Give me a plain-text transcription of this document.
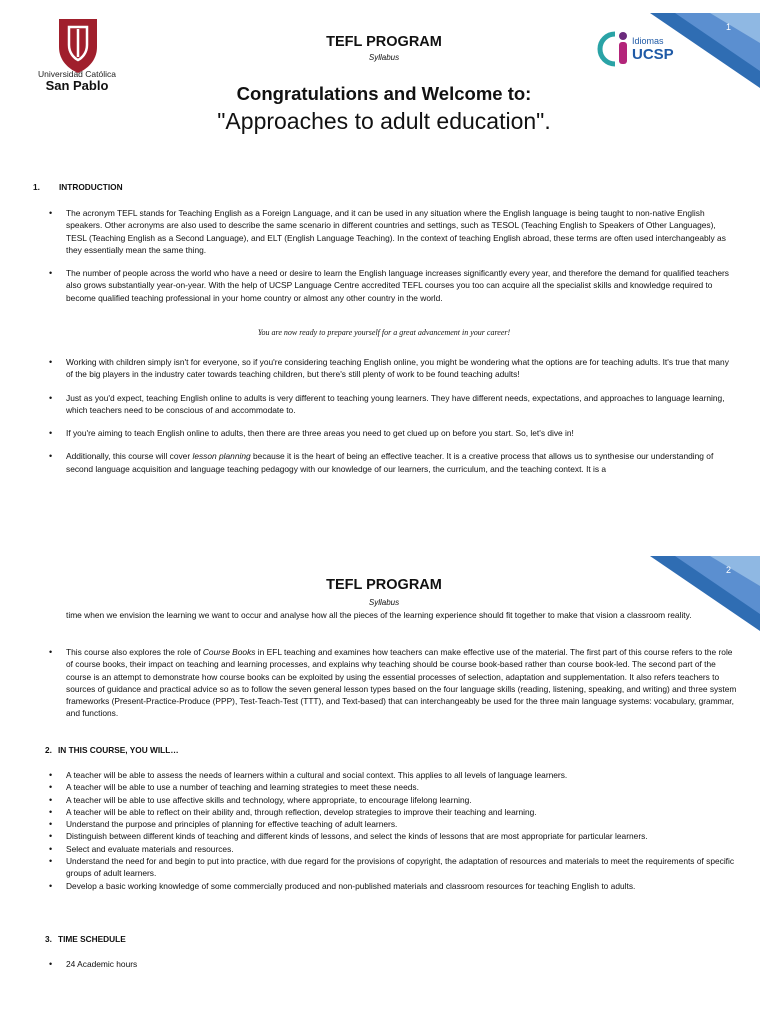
Universidad Católica
San Pablo
TEFL PROGRAM
Syllabus
1
Idiomas
UCSP
Congratulations and Welcome to:
"Approaches to adult education".
1. INTRODUCTION
• The acronym TEFL stands for Teaching English as a Foreign Language, and it can be used in any situation where the English language is being taught to non-native English speakers. Other acronyms are also used to describe the same scenario in different countries and settings, such as TESOL (Teaching English to Speakers of Other Languages), TESL (Teaching English as a Second Language), and ELT (English Language Teaching). In the context of teaching English abroad, these terms are often used interchangeably as they essentially mean the same thing.
• The number of people across the world who have a need or desire to learn the English language increases significantly every year, and therefore the demand for qualified teachers also grows substantially year-on-year. With the help of UCSP Language Centre accredited TEFL courses you too can acquire all the specialist skills and knowledge required to become qualified teaching professional in your home country or almost any other country in the world.
You are now ready to prepare yourself for a great advancement in your career!
• Working with children simply isn't for everyone, so if you're considering teaching English online, you might be wondering what the options are for teaching adults. It's true that many of the big players in the industry cater towards teaching children, but there's still plenty of work to be found teaching adults!
• Just as you'd expect, teaching English online to adults is very different to teaching young learners. They have different needs, expectations, and approaches to language learning, which teachers need to be conscious of and accommodate to.
• If you're aiming to teach English online to adults, then there are three areas you need to get clued up on before you start. So, let's dive in!
• Additionally, this course will cover lesson planning because it is the heart of being an effective teacher. It is a creative process that allows us to synthesise our understanding of second language acquisition and language teaching pedagogy with our knowledge of our learners, the curriculum, and the teaching context. It is a
2
TEFL PROGRAM
Syllabus
time when we envision the learning we want to occur and analyse how all the pieces of the learning experience should fit together to make that vision a classroom reality.
• This course also explores the role of Course Books in EFL teaching and examines how teachers can make effective use of the material. The first part of this course refers to the role of course books, their impact on teaching and learning processes, and explains why teaching should be course book-based rather than course book-led. The second part of the course is an attempt to demonstrate how course books can be exploited by using the essential processes of selection, adaptation and supplementation. It also refers teachers to sources of guidance and practical advice so as to follow the seven general lesson types based on the four language skills (reading, listening, speaking, and writing) and three system frameworks (Present-Practice-Produce (PPP), Test-Teach-Test (TTT), and Text-based) that can interchangeably be used for the three main language systems: vocabulary, grammar, and functions.
2. IN THIS COURSE, YOU WILL…
• A teacher will be able to assess the needs of learners within a cultural and social context. This applies to all levels of language learners.
• A teacher will be able to use a number of teaching and learning strategies to meet these needs.
• A teacher will be able to use affective skills and technology, where appropriate, to encourage lifelong learning.
• A teacher will be able to reflect on their ability and, through reflection, develop strategies to improve their teaching and learning.
• Understand the purpose and principles of planning for effective teaching of adult learners.
• Distinguish between different kinds of teaching and different kinds of lessons, and select the kinds of lessons that are most appropriate for particular learners.
• Select and evaluate materials and resources.
• Understand the need for and begin to put into practice, with due regard for the provisions of copyright, the adaptation of resources and materials to meet the requirements of specific groups of adult learners.
• Develop a basic working knowledge of some commercially produced and non-published materials and classroom resources for teaching English to adults.
3. TIME SCHEDULE
• 24 Academic hours
